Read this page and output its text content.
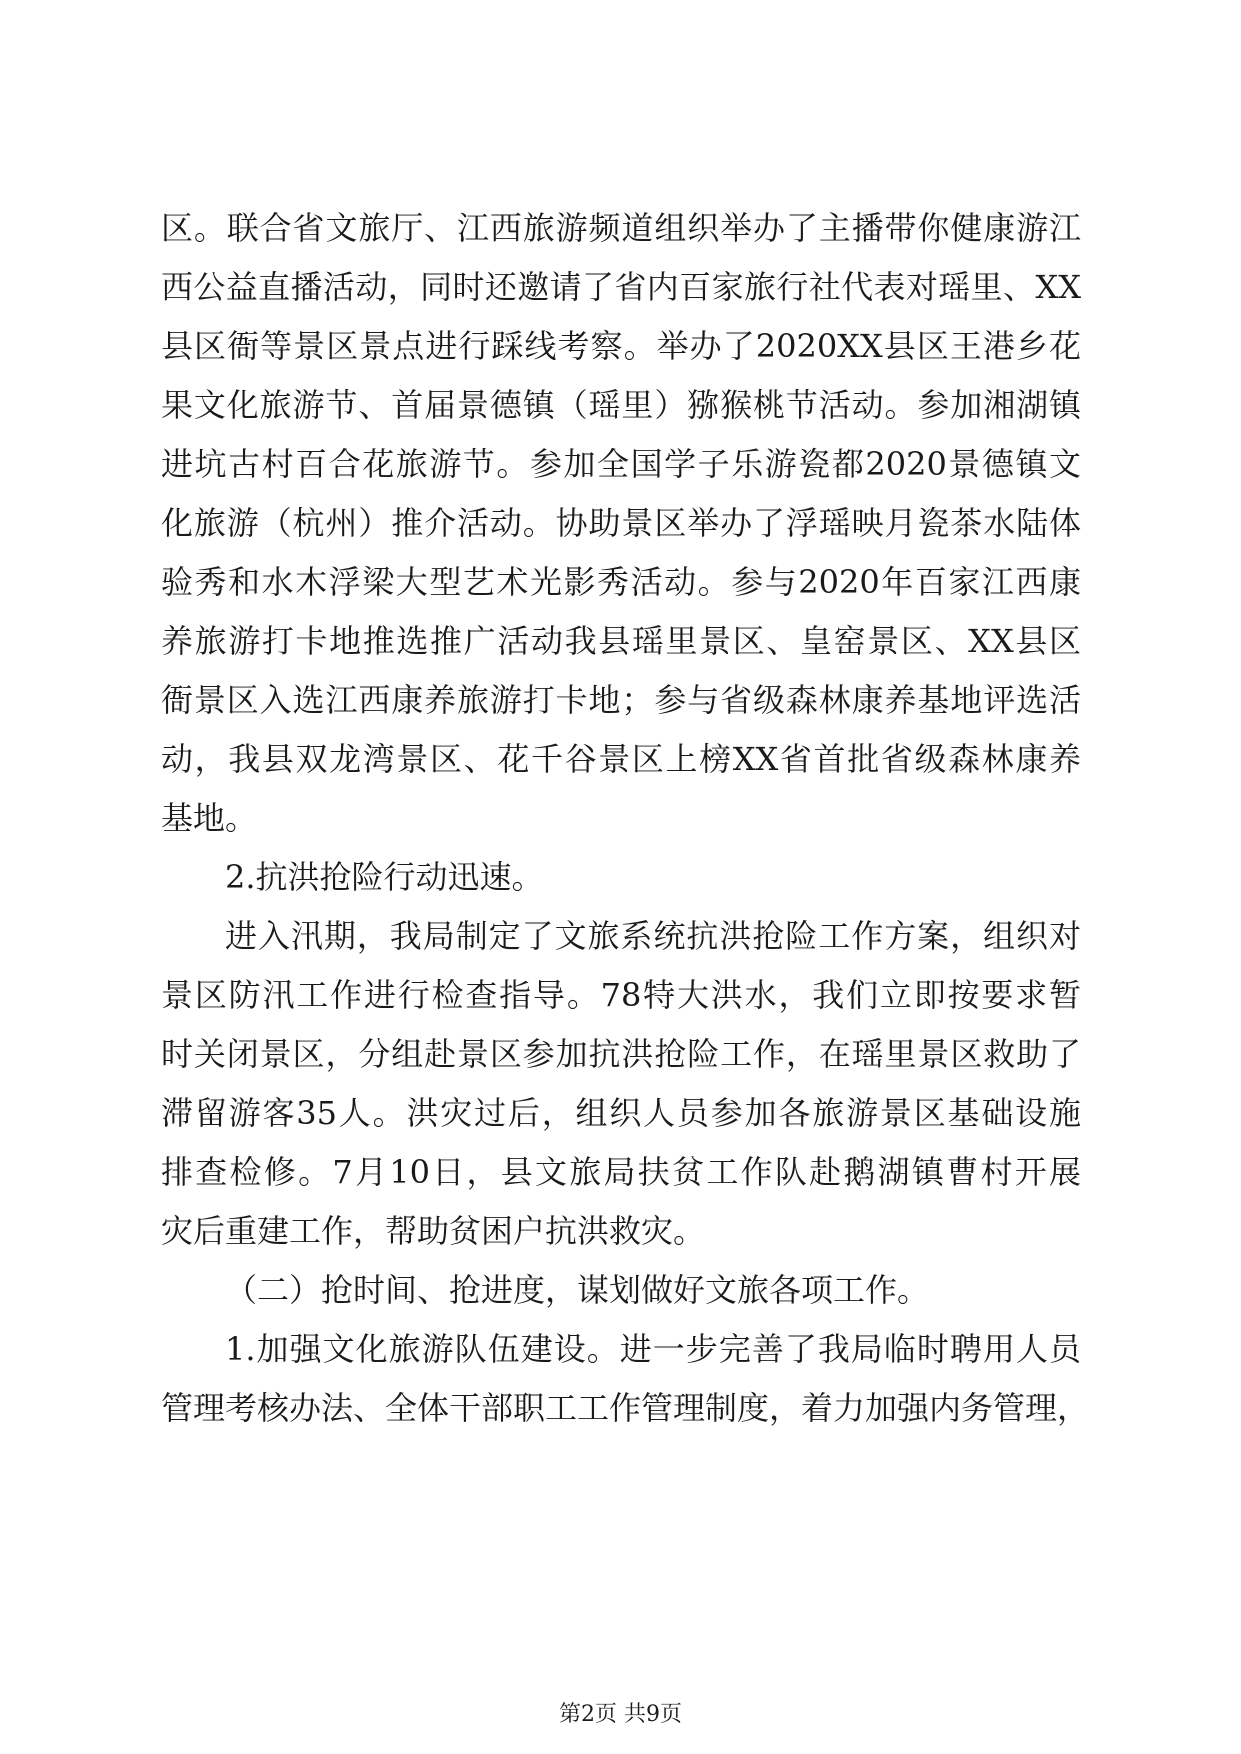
区。联合省文旅厅、江西旅游频道组织举办了主播带你健康游江
西公益直播活动，同时还邀请了省内百家旅行社代表对瑶里、XX
县区衙等景区景点进行踩线考察。举办了2020XX县区王港乡花
果文化旅游节、首届景德镇（瑶里）猕猴桃节活动。参加湘湖镇
进坑古村百合花旅游节。参加全国学子乐游瓷都2020景德镇文
化旅游（杭州）推介活动。协助景区举办了浮瑶映月瓷茶水陆体
验秀和水木浮梁大型艺术光影秀活动。参与2020年百家江西康
养旅游打卡地推选推广活动我县瑶里景区、皇窑景区、XX县区
衙景区入选江西康养旅游打卡地；参与省级森林康养基地评选活
动，我县双龙湾景区、花千谷景区上榜XX省首批省级森林康养
基地。
2.抗洪抢险行动迅速。
进入汛期，我局制定了文旅系统抗洪抢险工作方案，组织对
景区防汛工作进行检查指导。78特大洪水，我们立即按要求暂
时关闭景区，分组赴景区参加抗洪抢险工作，在瑶里景区救助了
滞留游客35人。洪灾过后，组织人员参加各旅游景区基础设施
排查检修。7月10日，县文旅局扶贫工作队赴鹅湖镇曹村开展
灾后重建工作，帮助贫困户抗洪救灾。
（二）抢时间、抢进度，谋划做好文旅各项工作。
1.加强文化旅游队伍建设。进一步完善了我局临时聘用人员
管理考核办法、全体干部职工工作管理制度，着力加强内务管理，
第2页 共9页
